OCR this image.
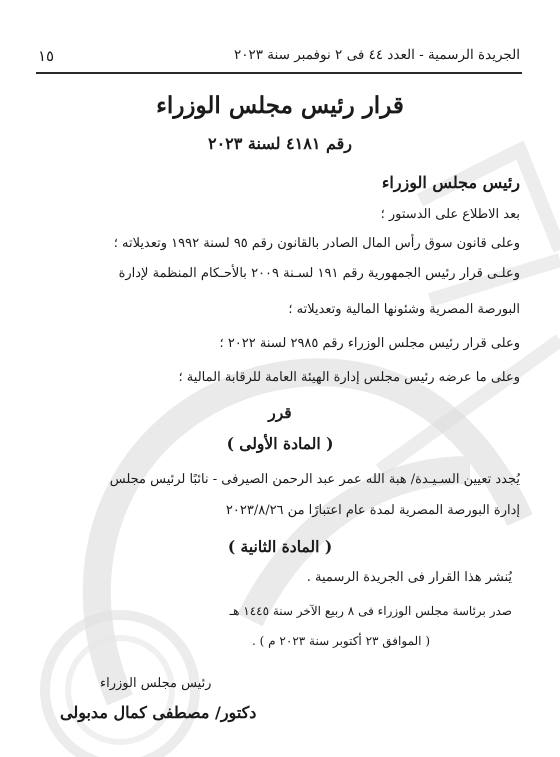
الجريدة الرسمية - العدد ٤٤ فى ٢ نوفمبر سنة ٢٠٢٣
١٥
قرار رئيس مجلس الوزراء
رقم ٤١٨١ لسنة ٢٠٢٣
رئيس مجلس الوزراء
بعد الاطلاع على الدستور ؛
وعلى قانون سوق رأس المال الصادر بالقانون رقم ٩٥ لسنة ١٩٩٢ وتعديلاته ؛
وعلـى قرار رئيس الجمهورية رقم ١٩١ لسـنة ٢٠٠٩ بالأحـكام المنظمة لإدارة
البورصة المصرية وشئونها المالية وتعديلاته ؛
وعلى قرار رئيس مجلس الوزراء رقم ٢٩٨٥ لسنة ٢٠٢٢ ؛
وعلى ما عرضه رئيس مجلس إدارة الهيئة العامة للرقابة المالية ؛
قرر
( المادة الأولى )
يُجدد تعيين السـيـدة/ هبة الله عمر عبد الرحمن الصيرفى - نائبًا لرئيس مجلس
إدارة البورصة المصرية لمدة عام اعتبارًا من ٢٠٢٣/٨/٢٦
( المادة الثانية )
يُنشر هذا القرار فى الجريدة الرسمية .
صدر برئاسة مجلس الوزراء فى ٨ ربيع الآخر سنة ١٤٤٥ هـ
( الموافق ٢٣ أكتوبر سنة ٢٠٢٣ م ) .
رئيس مجلس الوزراء
دكتور/ مصطفى كمال مدبولى
